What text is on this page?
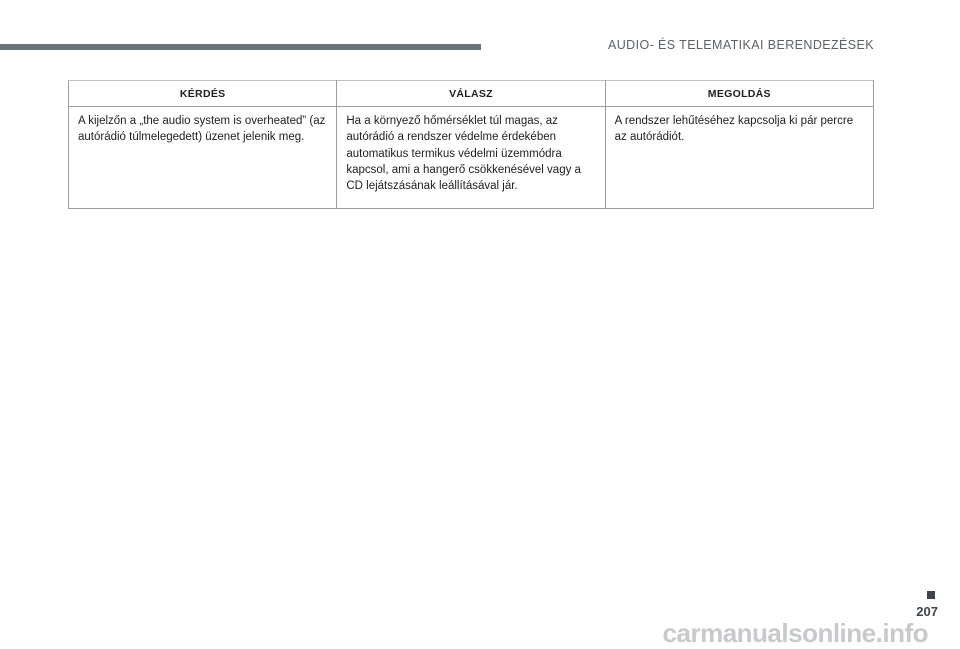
AUDIO- ÉS TELEMATIKAI BERENDEZÉSEK
KÉRDÉS	VÁLASZ	MEGOLDÁS
A kijelzőn a „the audio system is overheated” (az autórádió túlmelegedett) üzenet jelenik meg.	Ha a környező hőmérséklet túl magas, az autórádió a rendszer védelme érdekében automatikus termikus védelmi üzemmódra kapcsol, ami a hangerő csökkenésével vagy a CD lejátszásának leállításával jár.	A rendszer lehűtéséhez kapcsolja ki pár percre az autórádiót.
207
carmanualsonline.info
